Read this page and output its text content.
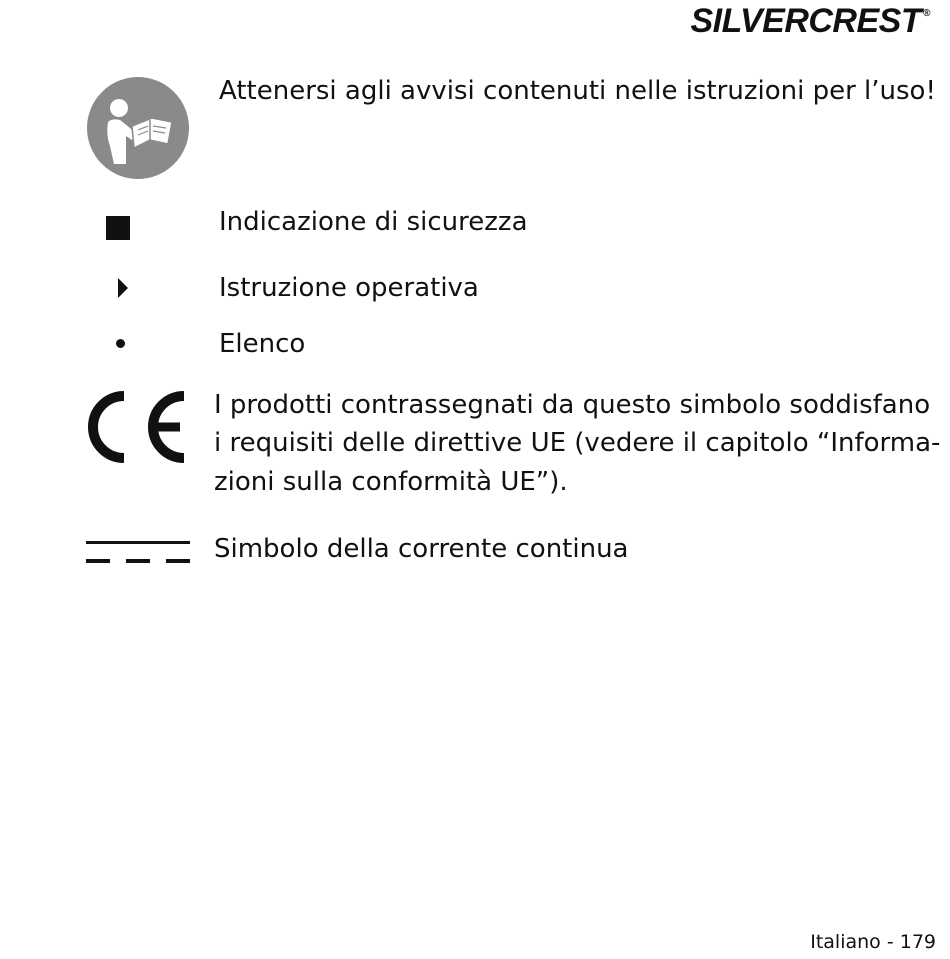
SILVERCREST ®
Attenersi agli avvisi contenuti nelle istruzioni per l’uso!
Indicazione di sicurezza
Istruzione operativa
Elenco
I prodotti contrassegnati da questo simbolo soddisfano
i requisiti delle direttive UE (vedere il capitolo “Informa-
zioni sulla conformità UE”).
Simbolo della corrente continua
Italiano - 179
